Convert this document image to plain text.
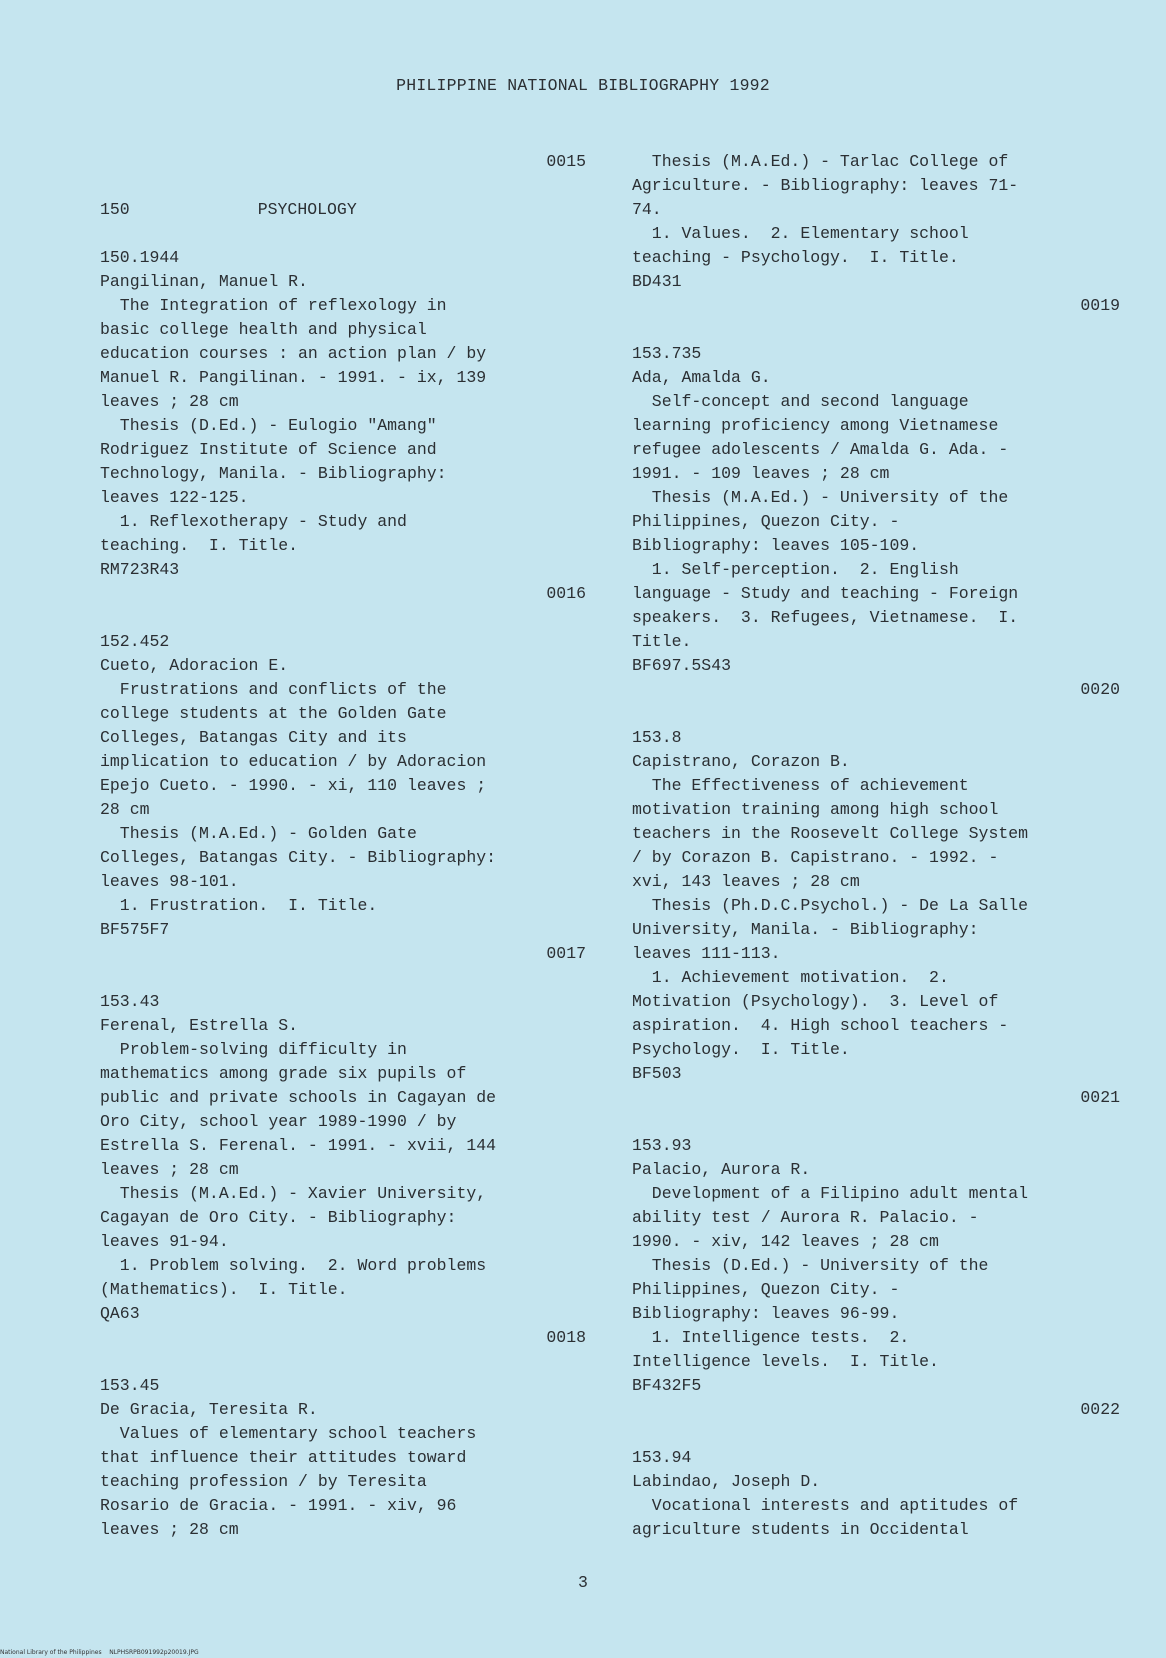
PHILIPPINE NATIONAL BIBLIOGRAPHY 1992
0015
150	PSYCHOLOGY
150.1944
Pangilinan, Manuel R.
The Integration of reflexology in
basic college health and physical
education courses : an action plan / by
Manuel R. Pangilinan. - 1991. - ix, 139
leaves ; 28 cm
Thesis (D.Ed.) - Eulogio "Amang"
Rodriguez Institute of Science and
Technology, Manila. - Bibliography:
leaves 122-125.
1. Reflexotherapy - Study and
teaching.  I. Title.
RM723R43
0016
152.452
Cueto, Adoracion E.
Frustrations and conflicts of the
college students at the Golden Gate
Colleges, Batangas City and its
implication to education / by Adoracion
Epejo Cueto. - 1990. - xi, 110 leaves ;
28 cm
Thesis (M.A.Ed.) - Golden Gate
Colleges, Batangas City. - Bibliography:
leaves 98-101.
1. Frustration.  I. Title.
BF575F7
0017
153.43
Ferenal, Estrella S.
Problem-solving difficulty in
mathematics among grade six pupils of
public and private schools in Cagayan de
Oro City, school year 1989-1990 / by
Estrella S. Ferenal. - 1991. - xvii, 144
leaves ; 28 cm
Thesis (M.A.Ed.) - Xavier University,
Cagayan de Oro City. - Bibliography:
leaves 91-94.
1. Problem solving.  2. Word problems
(Mathematics).  I. Title.
QA63
0018
153.45
De Gracia, Teresita R.
Values of elementary school teachers
that influence their attitudes toward
teaching profession / by Teresita
Rosario de Gracia. - 1991. - xiv, 96
leaves ; 28 cm
Thesis (M.A.Ed.) - Tarlac College of
Agriculture. - Bibliography: leaves 71-
74.
1. Values.  2. Elementary school
teaching - Psychology.  I. Title.
BD431
0019
153.735
Ada, Amalda G.
Self-concept and second language
learning proficiency among Vietnamese
refugee adolescents / Amalda G. Ada. -
1991. - 109 leaves ; 28 cm
Thesis (M.A.Ed.) - University of the
Philippines, Quezon City. -
Bibliography: leaves 105-109.
1. Self-perception.  2. English
language - Study and teaching - Foreign
speakers.  3. Refugees, Vietnamese.  I.
Title.
BF697.5S43
0020
153.8
Capistrano, Corazon B.
The Effectiveness of achievement
motivation training among high school
teachers in the Roosevelt College System
/ by Corazon B. Capistrano. - 1992. -
xvi, 143 leaves ; 28 cm
Thesis (Ph.D.C.Psychol.) - De La Salle
University, Manila. - Bibliography:
leaves 111-113.
1. Achievement motivation.  2.
Motivation (Psychology).  3. Level of
aspiration.  4. High school teachers -
Psychology.  I. Title.
BF503
0021
153.93
Palacio, Aurora R.
Development of a Filipino adult mental
ability test / Aurora R. Palacio. -
1990. - xiv, 142 leaves ; 28 cm
Thesis (D.Ed.) - University of the
Philippines, Quezon City. -
Bibliography: leaves 96-99.
1. Intelligence tests.  2.
Intelligence levels.  I. Title.
BF432F5
0022
153.94
Labindao, Joseph D.
Vocational interests and aptitudes of
agriculture students in Occidental
3
National Library of the Philippines    NLPHSRPB091992p20019.JPG
